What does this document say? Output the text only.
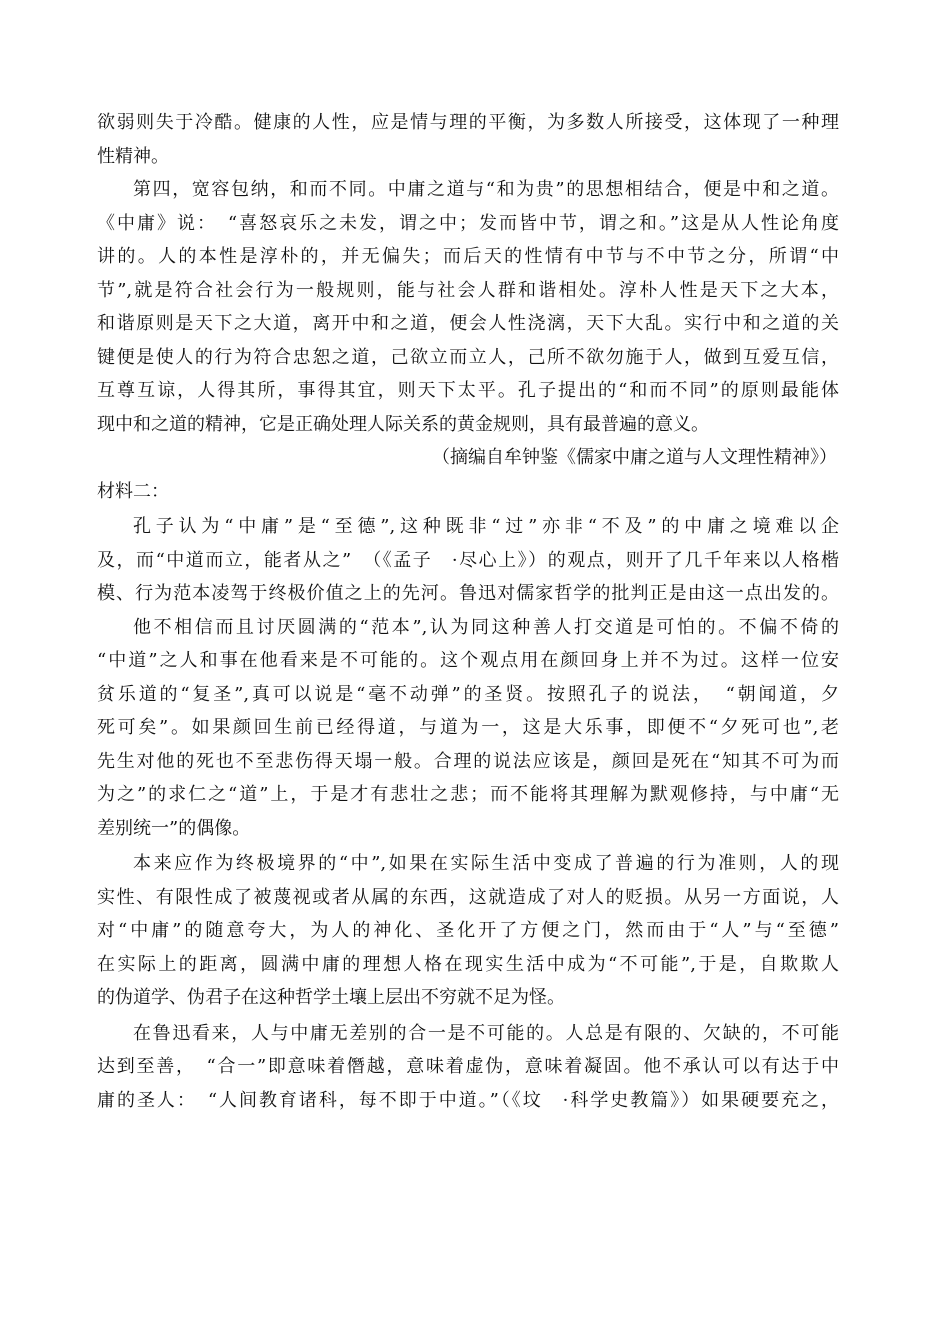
欲弱则失于冷酷。健康的人性，应是情与理的平衡，为多数人所接受，这体现了一种理
性精神。
第四，宽容包纳，和而不同。中庸之道与“和为贵”的思想相结合，便是中和之道。
《中庸》说：　“喜怒哀乐之未发，谓之中；发而皆中节，谓之和。”这是从人性论角度
讲的。人的本性是淳朴的，并无偏失；而后天的性情有中节与不中节之分，所谓“中
节”,就是符合社会行为一般规则，能与社会人群和谐相处。淳朴人性是天下之大本，
和谐原则是天下之大道，离开中和之道，便会人性浇漓，天下大乱。实行中和之道的关
键便是使人的行为符合忠恕之道，己欲立而立人，己所不欲勿施于人，做到互爱互信，
互尊互谅，人得其所，事得其宜，则天下太平。孔子提出的“和而不同”的原则最能体
现中和之道的精神，它是正确处理人际关系的黄金规则，具有最普遍的意义。
（摘编自牟钟鉴《儒家中庸之道与人文理性精神》）
材料二：
孔子认为“中庸”是“至德”,这种既非“过”亦非“不及”的中庸之境难以企
及，而“中道而立，能者从之”　（《孟子　·尽心上》）的观点，则开了几千年来以人格楷
模、行为范本凌驾于终极价值之上的先河。鲁迅对儒家哲学的批判正是由这一点出发的。
他不相信而且讨厌圆满的“范本”,认为同这种善人打交道是可怕的。不偏不倚的
“中道”之人和事在他看来是不可能的。这个观点用在颜回身上并不为过。这样一位安
贫乐道的“复圣”,真可以说是“毫不动弹”的圣贤。按照孔子的说法，　“朝闻道，夕
死可矣”。如果颜回生前已经得道，与道为一，这是大乐事，即便不“夕死可也”,老
先生对他的死也不至悲伤得天塌一般。合理的说法应该是，颜回是死在“知其不可为而
为之”的求仁之“道”上，于是才有悲壮之悲；而不能将其理解为默观修持，与中庸“无
差别统一”的偶像。
本来应作为终极境界的“中”,如果在实际生活中变成了普遍的行为准则，人的现
实性、有限性成了被蔑视或者从属的东西，这就造成了对人的贬损。从另一方面说，人
对“中庸”的随意夸大，为人的神化、圣化开了方便之门，然而由于“人”与“至德”
在实际上的距离，圆满中庸的理想人格在现实生活中成为“不可能”,于是，自欺欺人
的伪道学、伪君子在这种哲学土壤上层出不穷就不足为怪。
在鲁迅看来，人与中庸无差别的合一是不可能的。人总是有限的、欠缺的，不可能
达到至善，　“合一”即意味着僭越，意味着虚伪，意味着凝固。他不承认可以有达于中
庸的圣人：　“人间教育诸科，每不即于中道。”（《坟　·科学史教篇》）如果硬要充之，
